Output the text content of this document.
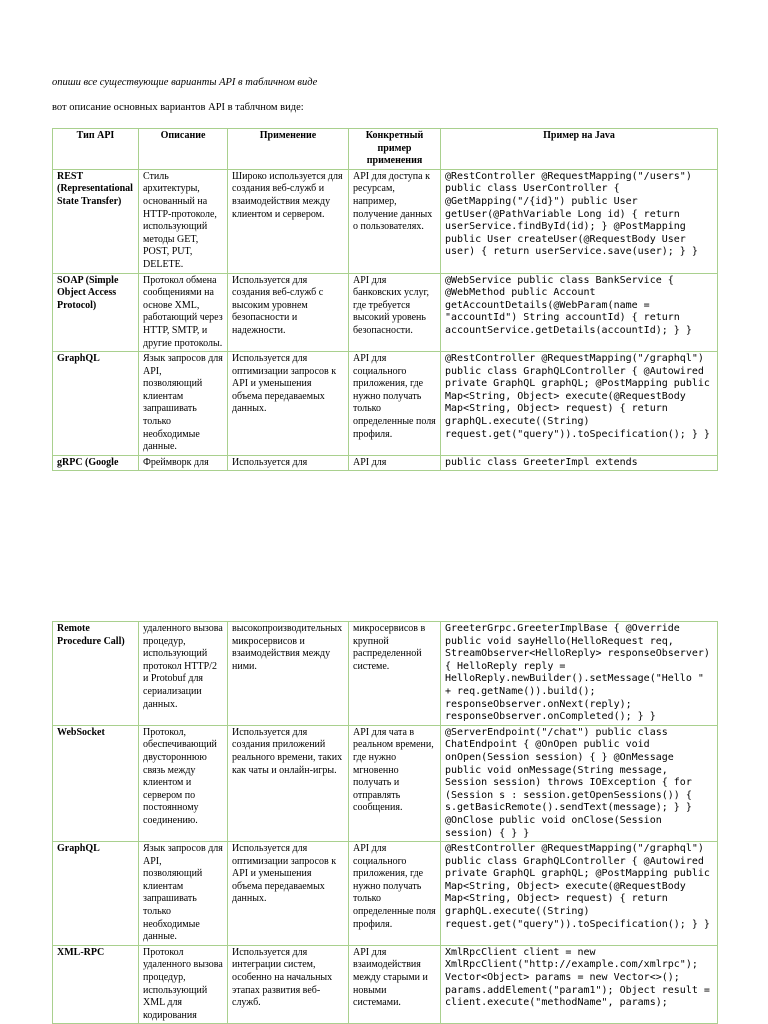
опиши все существующие варианты API в табличном виде
вот описание основных вариантов API в таблчном виде:
Тип API	Описание	Применение	Конкретный пример применения	Пример на Java
REST (Representational State Transfer)	Стиль архитектуры, основанный на HTTP-протоколе, использующий методы GET, POST, PUT, DELETE.	Широко используется для создания веб-служб и взаимодействия между клиентом и сервером.	API для доступа к ресурсам, например, получение данных о пользователях.	@RestController @RequestMapping("/users") public class UserController { @GetMapping("/{id}") public User getUser(@PathVariable Long id) { return userService.findById(id); } @PostMapping public User createUser(@RequestBody User user) { return userService.save(user); } }
SOAP (Simple Object Access Protocol)	Протокол обмена сообщениями на основе XML, работающий через HTTP, SMTP, и другие протоколы.	Используется для создания веб-служб с высоким уровнем безопасности и надежности.	API для банковских услуг, где требуется высокий уровень безопасности.	@WebService public class BankService { @WebMethod public Account getAccountDetails(@WebParam(name = "accountId") String accountId) { return accountService.getDetails(accountId); } }
GraphQL	Язык запросов для API, позволяющий клиентам запрашивать только необходимые данные.	Используется для оптимизации запросов к API и уменьшения объема передаваемых данных.	API для социального приложения, где нужно получать только определенные поля профиля.	@RestController @RequestMapping("/graphql") public class GraphQLController { @Autowired private GraphQL graphQL; @PostMapping public Map<String, Object> execute(@RequestBody Map<String, Object> request) { return graphQL.execute((String) request.get("query")).toSpecification(); } }
gRPC (Google	Фреймворк для	Используется для	API для	public class GreeterImpl extends
Remote Procedure Call)	удаленного вызова процедур, использующий протокол HTTP/2 и Protobuf для сериализации данных.	высокопроизводительных микросервисов и взаимодействия между ними.	микросервисов в крупной распределенной системе.	GreeterGrpc.GreeterImplBase { @Override public void sayHello(HelloRequest req, StreamObserver<HelloReply> responseObserver) { HelloReply reply = HelloReply.newBuilder().setMessage("Hello " + req.getName()).build(); responseObserver.onNext(reply); responseObserver.onCompleted(); } }
WebSocket	Протокол, обеспечивающий двустороннюю связь между клиентом и сервером по постоянному соединению.	Используется для создания приложений реального времени, таких как чаты и онлайн-игры.	API для чата в реальном времени, где нужно мгновенно получать и отправлять сообщения.	@ServerEndpoint("/chat") public class ChatEndpoint { @OnOpen public void onOpen(Session session) { } @OnMessage public void onMessage(String message, Session session) throws IOException { for (Session s : session.getOpenSessions()) { s.getBasicRemote().sendText(message); } } @OnClose public void onClose(Session session) { } }
GraphQL	Язык запросов для API, позволяющий клиентам запрашивать только необходимые данные.	Используется для оптимизации запросов к API и уменьшения объема передаваемых данных.	API для социального приложения, где нужно получать только определенные поля профиля.	@RestController @RequestMapping("/graphql") public class GraphQLController { @Autowired private GraphQL graphQL; @PostMapping public Map<String, Object> execute(@RequestBody Map<String, Object> request) { return graphQL.execute((String) request.get("query")).toSpecification(); } }
XML-RPC	Протокол удаленного вызова процедур, использующий XML для кодирования	Используется для интеграции систем, особенно на начальных этапах развития веб-служб.	API для взаимодействия между старыми и новыми системами.	XmlRpcClient client = new XmlRpcClient("http://example.com/xmlrpc"); Vector<Object> params = new Vector<>(); params.addElement("param1"); Object result = client.execute("methodName", params);
